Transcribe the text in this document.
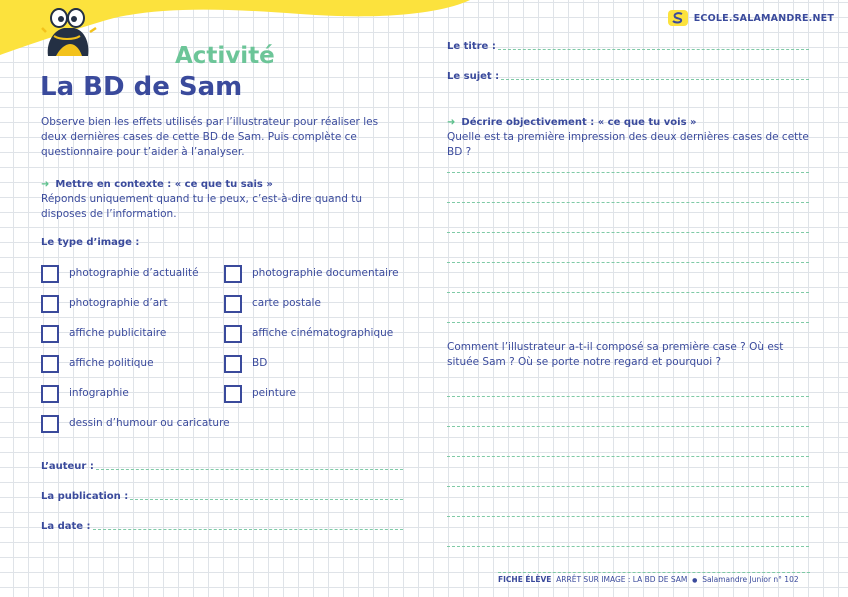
ECOLE.SALAMANDRE.NET
Activité
La BD de Sam

Observe bien les effets utilisés par l’illustrateur pour réaliser les deux dernières cases de cette BD de Sam. Puis complète ce questionnaire pour t’aider à l’analyser.

➜ Mettre en contexte : « ce que tu sais »

Réponds uniquement quand tu le peux, c’est-à-dire quand tu disposes de l’information.

Le type d’image :
photographie d’actualité
photographie d’art
affiche publicitaire
affiche politique
infographie
dessin d’humour ou caricature
photographie documentaire
carte postale
affiche cinématographique
BD
peinture
L’auteur :
La publication :
La date :
Le titre :
Le sujet :
➜ Décrire objectivement : « ce que tu vois »

Quelle est ta première impression des deux dernières cases de cette BD ?

Comment l’illustrateur a-t-il composé sa première case ? Où est située Sam ? Où se porte notre regard et pourquoi ?

FICHE ÉLÈVE ARRÊT SUR IMAGE : LA BD DE SAM ● Salamandre Junior n° 102
